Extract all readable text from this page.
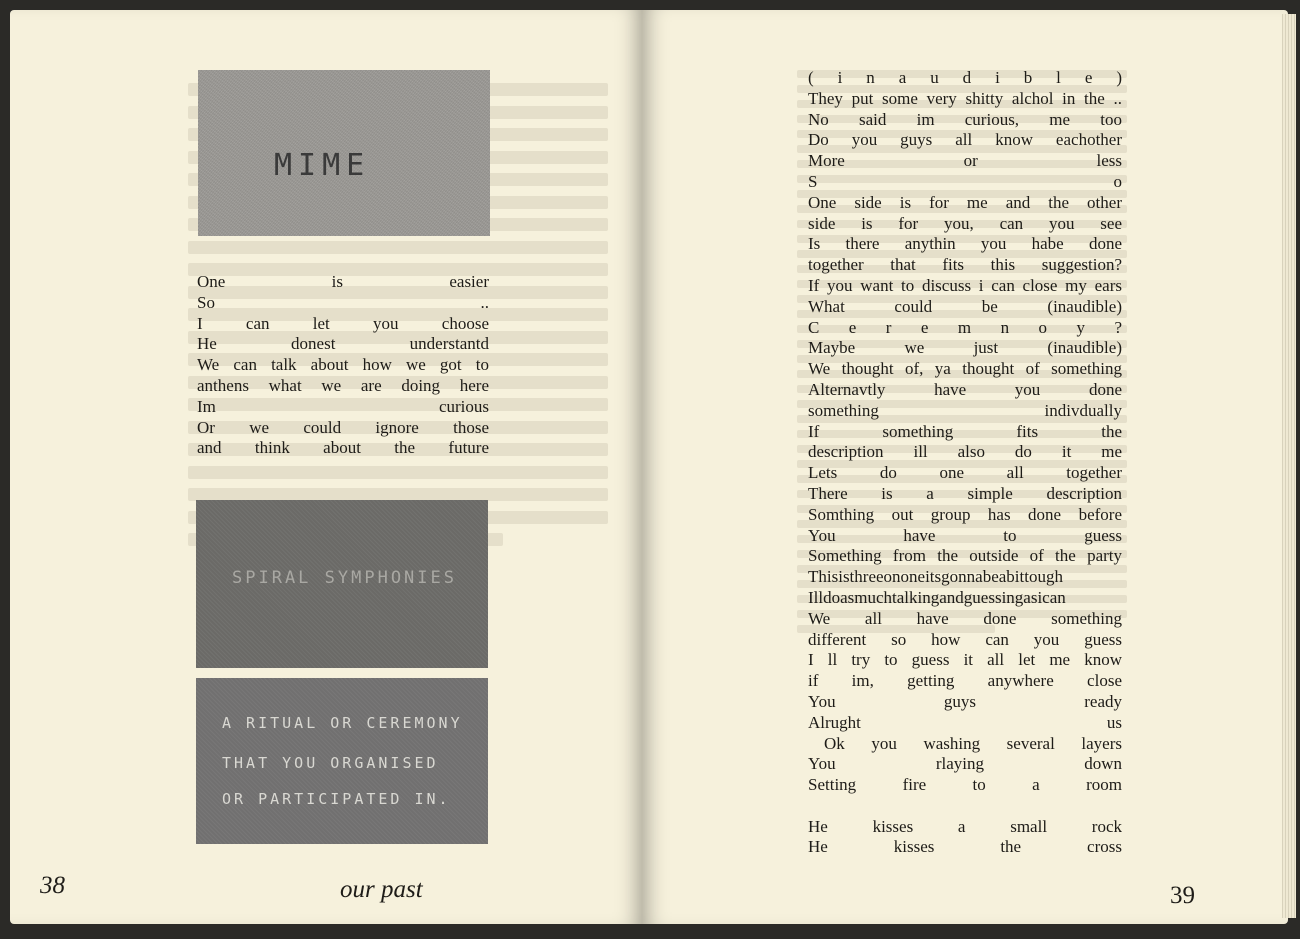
MIME
One is easier
So ..
I can let you choose
He donest understantd
We can talk about how we got to
anthens what we are doing here
Im curious
Or we could ignore those
and think about the future
SPIRAL SYMPHONIES
A RITUAL OR CEREMONY
THAT YOU ORGANISED
OR PARTICIPATED IN.
38	our past
( i n a u d i b l e )
They put some very shitty alchol in the ..
No said im curious, me too
Do you guys all know eachother
More or less
S o
One side is for me and the other
side is for you, can you see
Is there anythin you habe done
together that fits this suggestion?
If you want to discuss i can close my ears
What could be (inaudible)
C e r e m n o y ?
Maybe we just (inaudible)
We thought of, ya thought of something
Alternavtly have you done
something indivdually
If something fits the
description ill also do it me
Lets do one all together
There is a simple description
Somthing out group has done before
You have to guess
Something from the outside of the party
Thisisthreeononeitsgonnabeabittough
Illdoasmuchtalkingandguessingasican
We all have done something
different so how can you guess
I ll try to guess it all let me know
if im, getting anywhere close
You guys ready
Alrught us
Ok you washing several layers
You rlaying down
Setting fire to a room
He kisses a small rock
He kisses the cross
39
